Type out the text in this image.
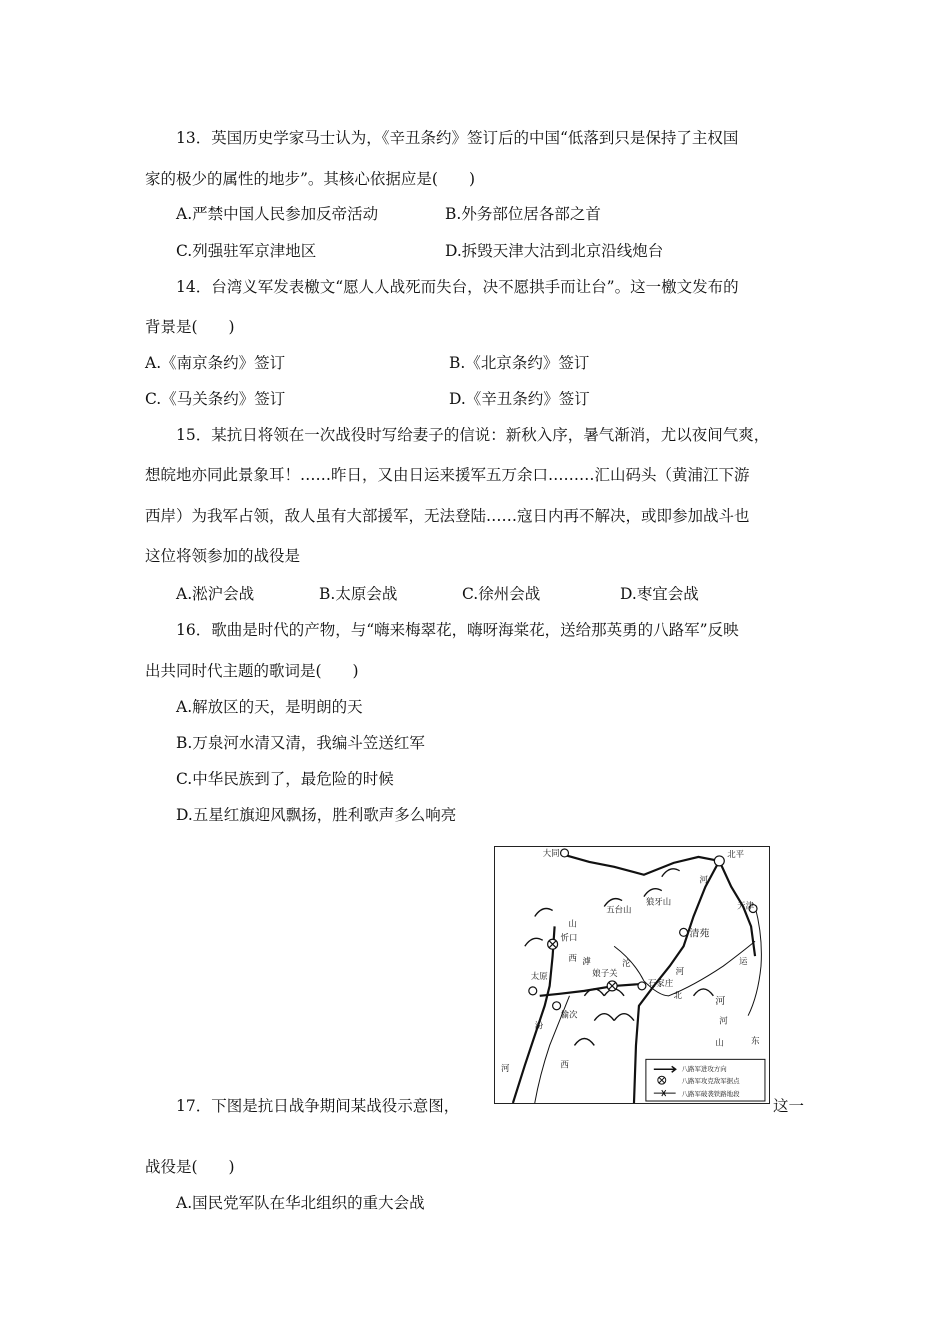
13．英国历史学家马士认为，《辛丑条约》签订后的中国“低落到只是保持了主权国
家的极少的属性的地步”。其核心依据应是(　　)
A.严禁中国人民参加反帝活动	B.外务部位居各部之首
C.列强驻军京津地区	D.拆毁天津大沽到北京沿线炮台
14．台湾义军发表檄文“愿人人战死而失台，决不愿拱手而让台”。这一檄文发布的
背景是(　　)
A.《南京条约》签订	B.《北京条约》签订
C.《马关条约》签订	D.《辛丑条约》签订
15．某抗日将领在一次战役时写给妻子的信说：新秋入序，暑气渐消，尤以夜间气爽，
想皖地亦同此景象耳！……昨日，又由日运来援军五万余口………汇山码头（黄浦江下游
西岸）为我军占领，敌人虽有大部援军，无法登陆……寇日内再不解决，或即参加战斗也
这位将领参加的战役是
A.淞沪会战	B.太原会战	C.徐州会战	D.枣宜会战
16．歌曲是时代的产物，与“嗨来梅翠花，嗨呀海棠花，送给那英勇的八路军”反映
出共同时代主题的歌词是(　　)
A.解放区的天，是明朗的天
B.万泉河水清又清，我编斗笠送红军
C.中华民族到了，最危险的时候
D.五星红旗迎风飘扬，胜利歌声多么响亮
大同	北平
天津
狼牙山
五台山
忻口	清苑
太原	娘子关
石家庄
榆次
山
西 滹	沱
河
河
北
河
运
河
山	东
汾
河	西	八路军进攻方向
八路军攻克敌军据点
八路军破袭铁路地段
17．下图是抗日战争期间某战役示意图，	这一
战役是(　　)
A.国民党军队在华北组织的重大会战
